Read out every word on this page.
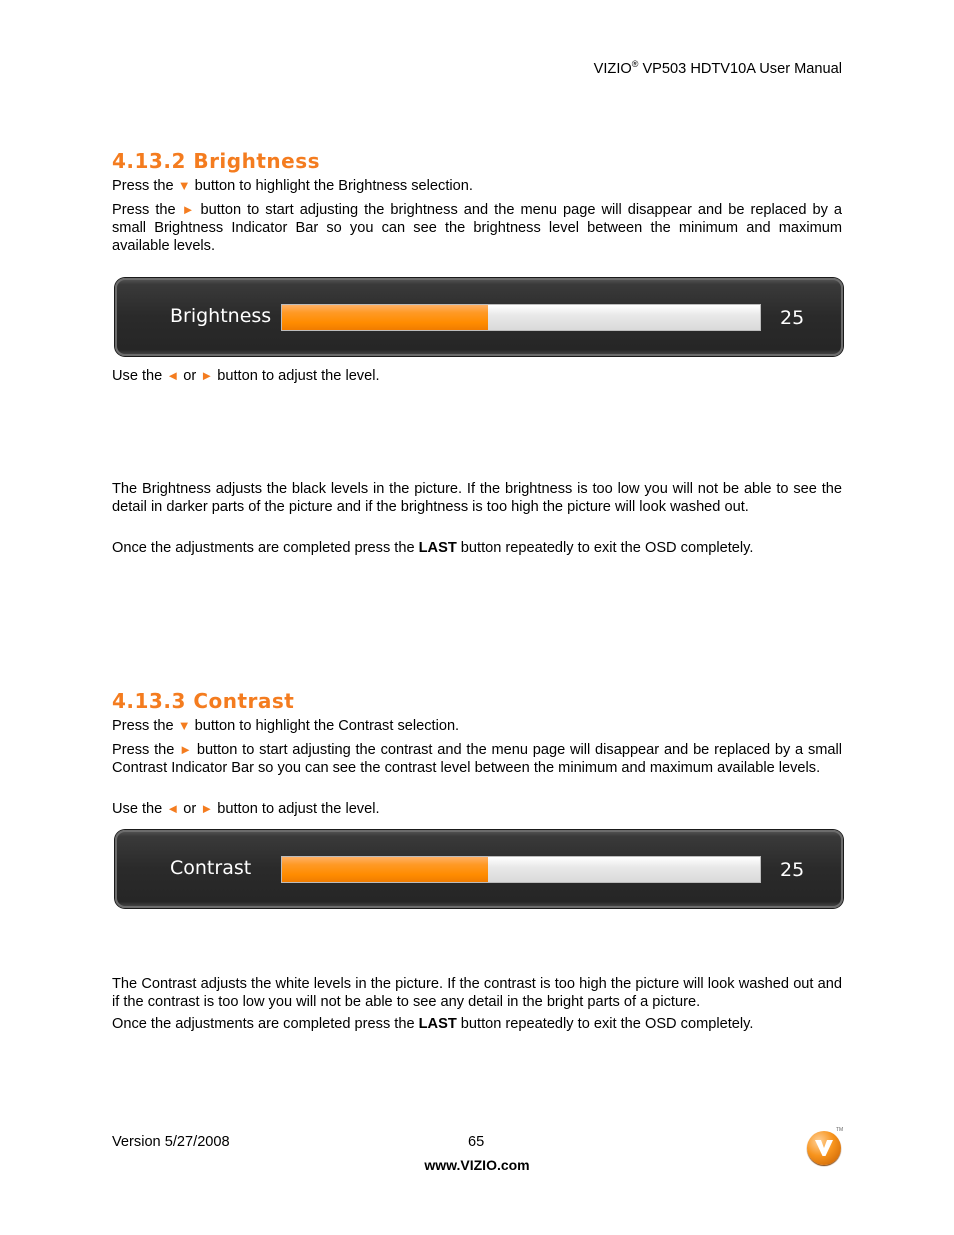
VIZIO® VP503 HDTV10A User Manual
4.13.2 Brightness

Press the ▼ button to highlight the Brightness selection.

Press the ► button to start adjusting the brightness and the menu page will disappear and be replaced by a small Brightness Indicator Bar so you can see the brightness level between the minimum and maximum available levels.

Brightness	25

Use the ◄ or ► button to adjust the level.

The Brightness adjusts the black levels in the picture. If the brightness is too low you will not be able to see the detail in darker parts of the picture and if the brightness is too high the picture will look washed out.

Once the adjustments are completed press the LAST button repeatedly to exit the OSD completely.

4.13.3 Contrast

Press the ▼ button to highlight the Contrast selection.

Press the ► button to start adjusting the contrast and the menu page will disappear and be replaced by a small Contrast Indicator Bar so you can see the contrast level between the minimum and maximum available levels.

Use the ◄ or ► button to adjust the level.

Contrast	25

The Contrast adjusts the white levels in the picture. If the contrast is too high the picture will look washed out and if the contrast is too low you will not be able to see any detail in the bright parts of a picture.

Once the adjustments are completed press the LAST button repeatedly to exit the OSD completely.

Version 5/27/2008	65
www.VIZIO.com
TM
